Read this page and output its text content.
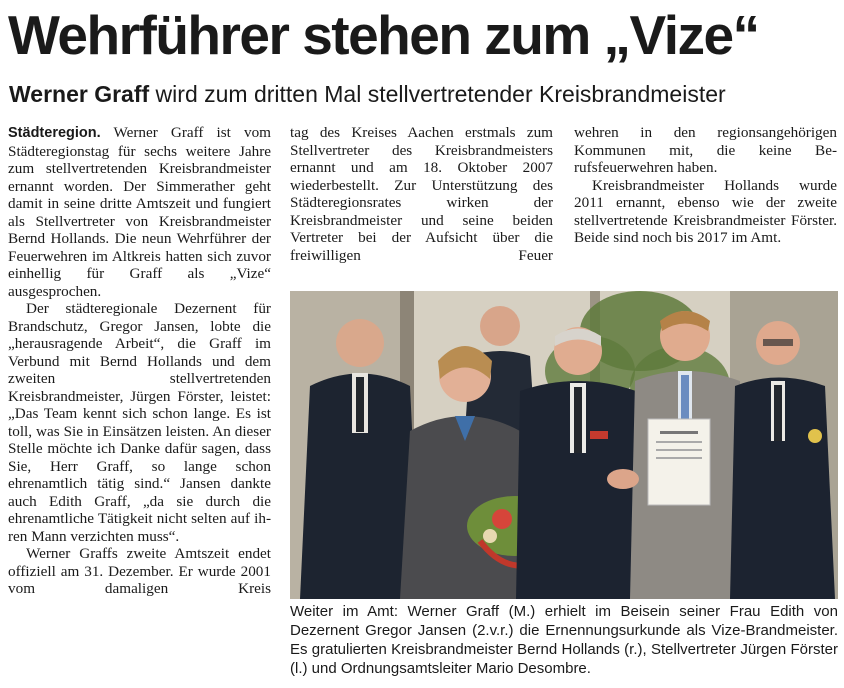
Wehrführer stehen zum „Vize“
Werner Graff wird zum dritten Mal stellvertretender Kreisbrandmeister

Städteregion. Werner Graff ist vom Städteregionstag für sechs weitere Jahre zum stellvertretenden Kreisbrandmeister ernannt worden. Der Simmerather geht damit in seine dritte Amtszeit und fungiert als Stellvertreter von Kreisbrandmeister Bernd Hollands. Die neun Wehrführer der Feuerwehren im Altkreis hatten sich zuvor einhellig für Graff als „Vize“ ausgesprochen.

Der städteregionale Dezernent für Brandschutz, Gregor Jansen, lobte die „herausragende Arbeit“, die Graff im Verbund mit Bernd Hollands und dem zweiten stellvertretenden Kreisbrandmeister, Jürgen Förster, leistet: „Das Team kennt sich schon lange. Es ist toll, was Sie in Einsätzen leisten. An dieser Stelle möchte ich Danke dafür sagen, dass Sie, Herr Graff, so lange schon ehrenamtlich tätig sind.“ Jansen dankte auch Edith Graff, „da sie durch die ehrenamtliche Tätigkeit nicht selten auf ihren Mann verzichten muss“.

Werner Graffs zweite Amtszeit endet offiziell am 31. Dezember. Er wurde 2001 vom damaligen Kreis

tag des Kreises Aachen erstmals zum Stellvertreter des Kreisbrandmeisters ernannt und am 18. Oktober 2007 wiederbestellt. Zur Unterstützung des Städteregionsrates wirken der Kreisbrandmeister und seine beiden Vertreter bei der Aufsicht über die freiwilligen Feuer

wehren in den regionsangehörigen Kommunen mit, die keine Berufsfeuerwehren haben.

Kreisbrandmeister Hollands wurde 2011 ernannt, ebenso wie der zweite stellvertretende Kreisbrandmeister Förster. Beide sind noch bis 2017 im Amt.

Weiter im Amt: Werner Graff (M.) erhielt im Beisein seiner Frau Edith von Dezernent Gregor Jansen (2.v.r.) die Ernennungsurkunde als Vize-Brandmeister. Es gratulierten Kreisbrandmeister Bernd Hollands (r.), Stellvertreter Jürgen Förster (l.) und Ordnungsamtsleiter Mario Desombre.
